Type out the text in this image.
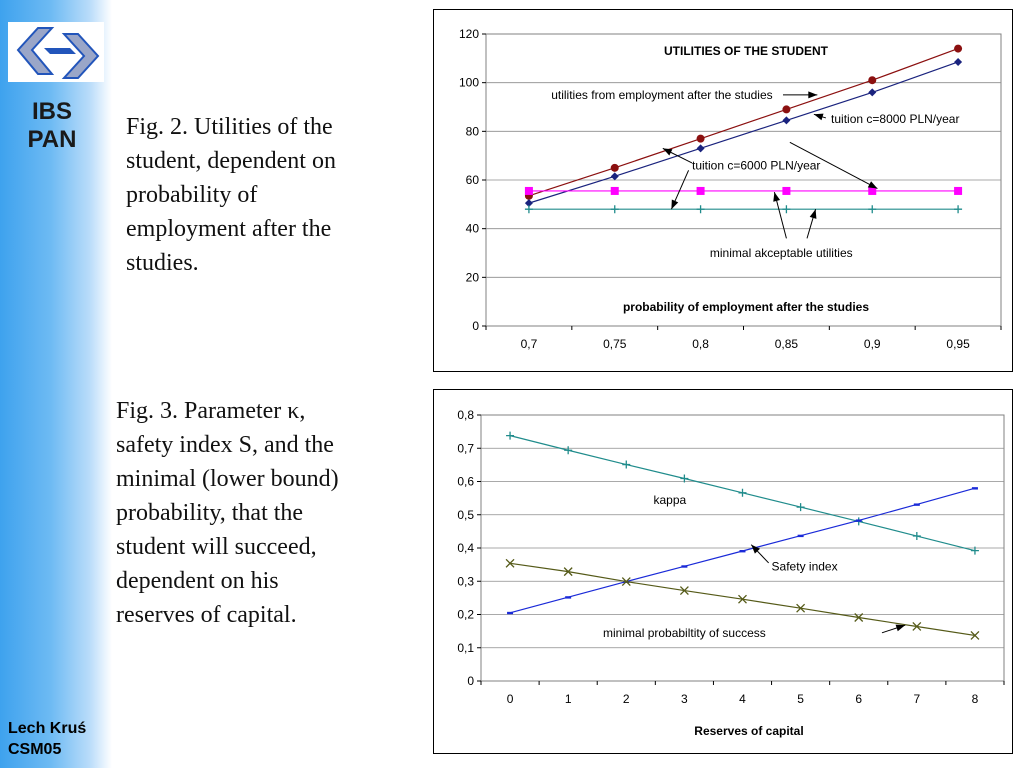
IBS
PAN
Lech Kruś
CSM05
Fig. 2. Utilities of the
student, dependent on
probability of
employment after the
studies.
Fig. 3. Parameter κ,
safety index S, and the
minimal (lower bound)
probability, that the
student will succeed,
dependent on his
reserves of capital.
0
20
40
60
80
100
120
0,7	0,75	0,8	0,85	0,9	0,95
UTILITIES OF THE STUDENT
probability of employment after the studies
utilities from employment after the studies
tuition c=8000 PLN/year
tuition c=6000 PLN/year
minimal akceptable utilities
0
0,1
0,2
0,3
0,4
0,5
0,6
0,7
0,8
0	1	2	3	4	5	6	7	8
Reserves of capital
kappa
Safety index
minimal probabiltity of success
